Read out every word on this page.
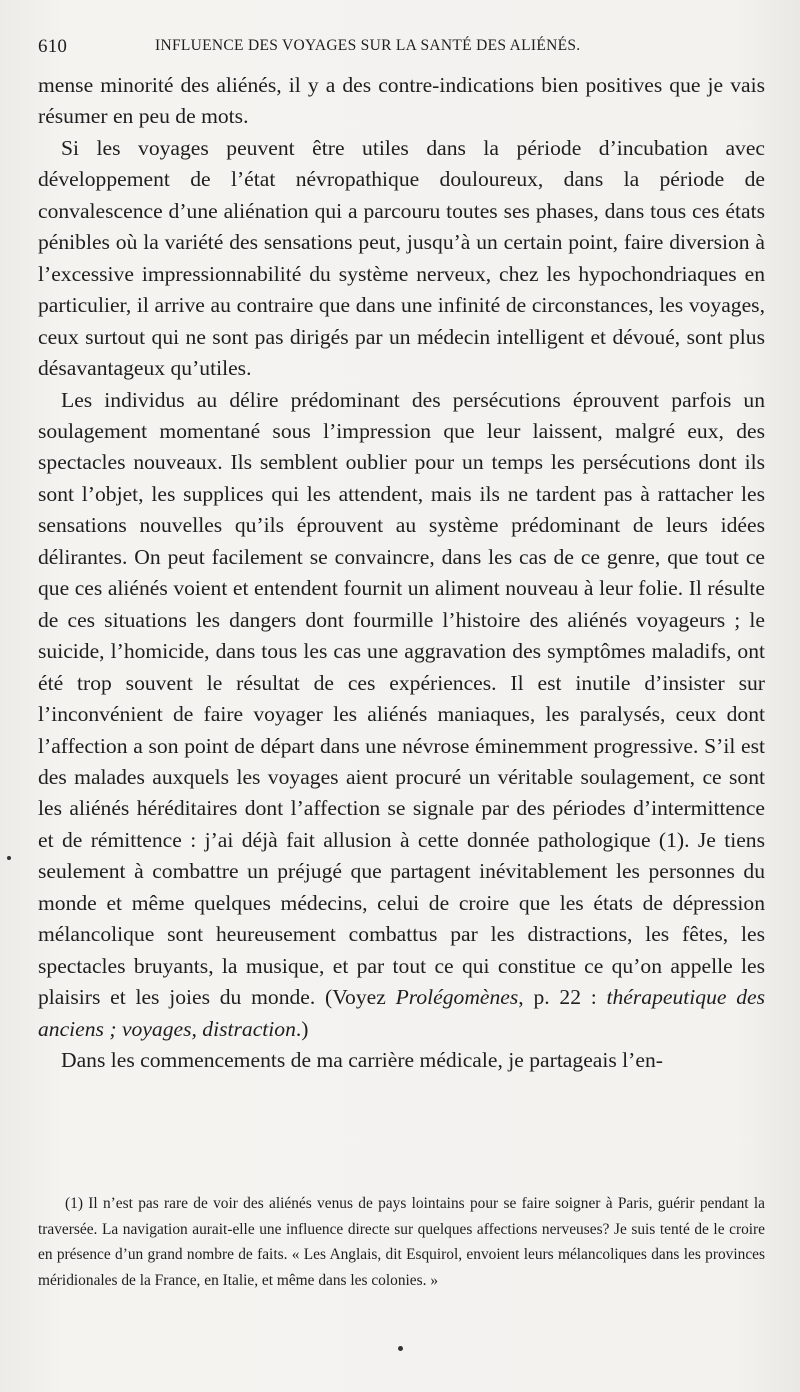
610	INFLUENCE DES VOYAGES SUR LA SANTÉ DES ALIÉNÉS.

mense minorité des aliénés, il y a des contre-indications bien positives que je vais résumer en peu de mots.

Si les voyages peuvent être utiles dans la période d’incubation avec développement de l’état névropathique douloureux, dans la période de convalescence d’une aliénation qui a parcouru toutes ses phases, dans tous ces états pénibles où la variété des sensations peut, jusqu’à un certain point, faire diversion à l’excessive impressionnabilité du système nerveux, chez les hypochondriaques en particulier, il arrive au contraire que dans une infinité de circonstances, les voyages, ceux surtout qui ne sont pas dirigés par un médecin intelligent et dévoué, sont plus désavantageux qu’utiles.

Les individus au délire prédominant des persécutions éprouvent parfois un soulagement momentané sous l’impression que leur laissent, malgré eux, des spectacles nouveaux. Ils semblent oublier pour un temps les persécutions dont ils sont l’objet, les supplices qui les attendent, mais ils ne tardent pas à rattacher les sensations nouvelles qu’ils éprouvent au système prédominant de leurs idées délirantes. On peut facilement se convaincre, dans les cas de ce genre, que tout ce que ces aliénés voient et entendent fournit un aliment nouveau à leur folie. Il résulte de ces situations les dangers dont fourmille l’histoire des aliénés voyageurs ; le suicide, l’homicide, dans tous les cas une aggravation des symptômes maladifs, ont été trop souvent le résultat de ces expériences. Il est inutile d’insister sur l’inconvénient de faire voyager les aliénés maniaques, les paralysés, ceux dont l’affection a son point de départ dans une névrose éminemment progressive. S’il est des malades auxquels les voyages aient procuré un véritable soulagement, ce sont les aliénés héréditaires dont l’affection se signale par des périodes d’intermittence et de rémittence : j’ai déjà fait allusion à cette donnée pathologique (1). Je tiens seulement à combattre un préjugé que partagent inévitablement les personnes du monde et même quelques médecins, celui de croire que les états de dépression mélancolique sont heureusement combattus par les distractions, les fêtes, les spectacles bruyants, la musique, et par tout ce qui constitue ce qu’on appelle les plaisirs et les joies du monde. (Voyez Prolégomènes, p. 22 : thérapeutique des anciens ; voyages, distraction.)

Dans les commencements de ma carrière médicale, je partageais l’en-

(1) Il n’est pas rare de voir des aliénés venus de pays lointains pour se faire soigner à Paris, guérir pendant la traversée. La navigation aurait-elle une influence directe sur quelques affections nerveuses? Je suis tenté de le croire en présence d’un grand nombre de faits. « Les Anglais, dit Esquirol, envoient leurs mélancoliques dans les provinces méridionales de la France, en Italie, et même dans les colonies. »
